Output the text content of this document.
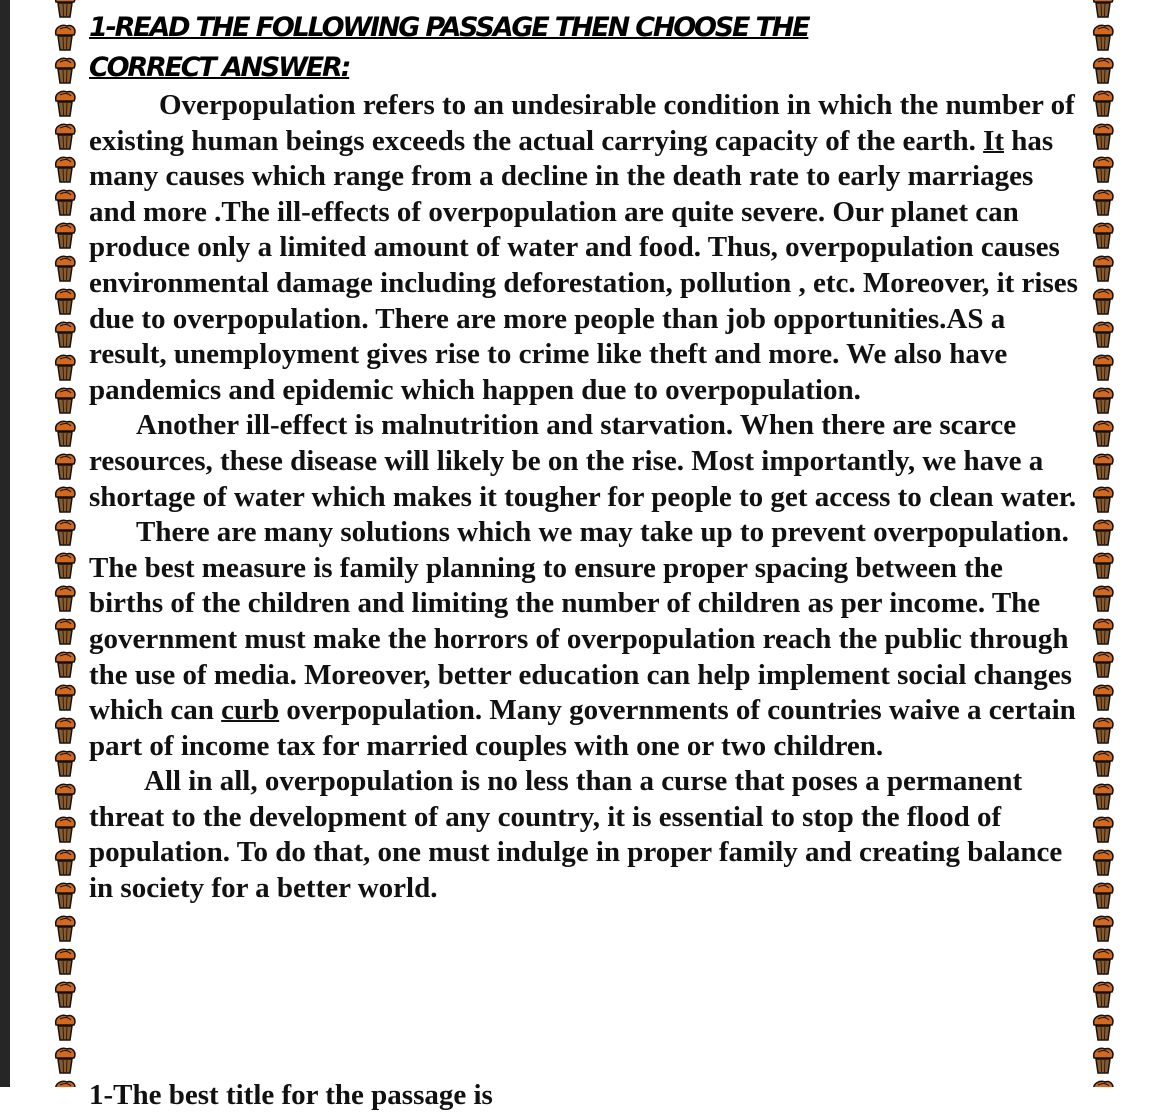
1-READ THE FOLLOWING PASSAGE THEN CHOOSE THE CORRECT ANSWER:

Overpopulation refers to an undesirable condition in which the number of existing human beings exceeds the actual carrying capacity of the earth. It has many causes which range from a decline in the death rate to early marriages and more .The ill-effects of overpopulation are quite severe. Our planet can produce only a limited amount of water and food. Thus, overpopulation causes environmental damage including deforestation, pollution , etc. Moreover, it rises due to overpopulation. There are more people than job opportunities.AS a result, unemployment gives rise to crime like theft and more. We also have pandemics and epidemic which happen due to overpopulation.

Another ill-effect is malnutrition and starvation. When there are scarce resources, these disease will likely be on the rise. Most importantly, we have a shortage of water which makes it tougher for people to get access to clean water.

There are many solutions which we may take up to prevent overpopulation. The best measure is family planning to ensure proper spacing between the births of the children and limiting the number of children as per income. The government must make the horrors of overpopulation reach the public through the use of media. Moreover, better education can help implement social changes which can curb overpopulation. Many governments of countries waive a certain part of income tax for married couples with one or two children.

All in all, overpopulation is no less than a curse that poses a permanent threat to the development of any country, it is essential to stop the flood of population. To do that, one must indulge in proper family and creating balance in society for a better world.

1-The best title for the passage is
